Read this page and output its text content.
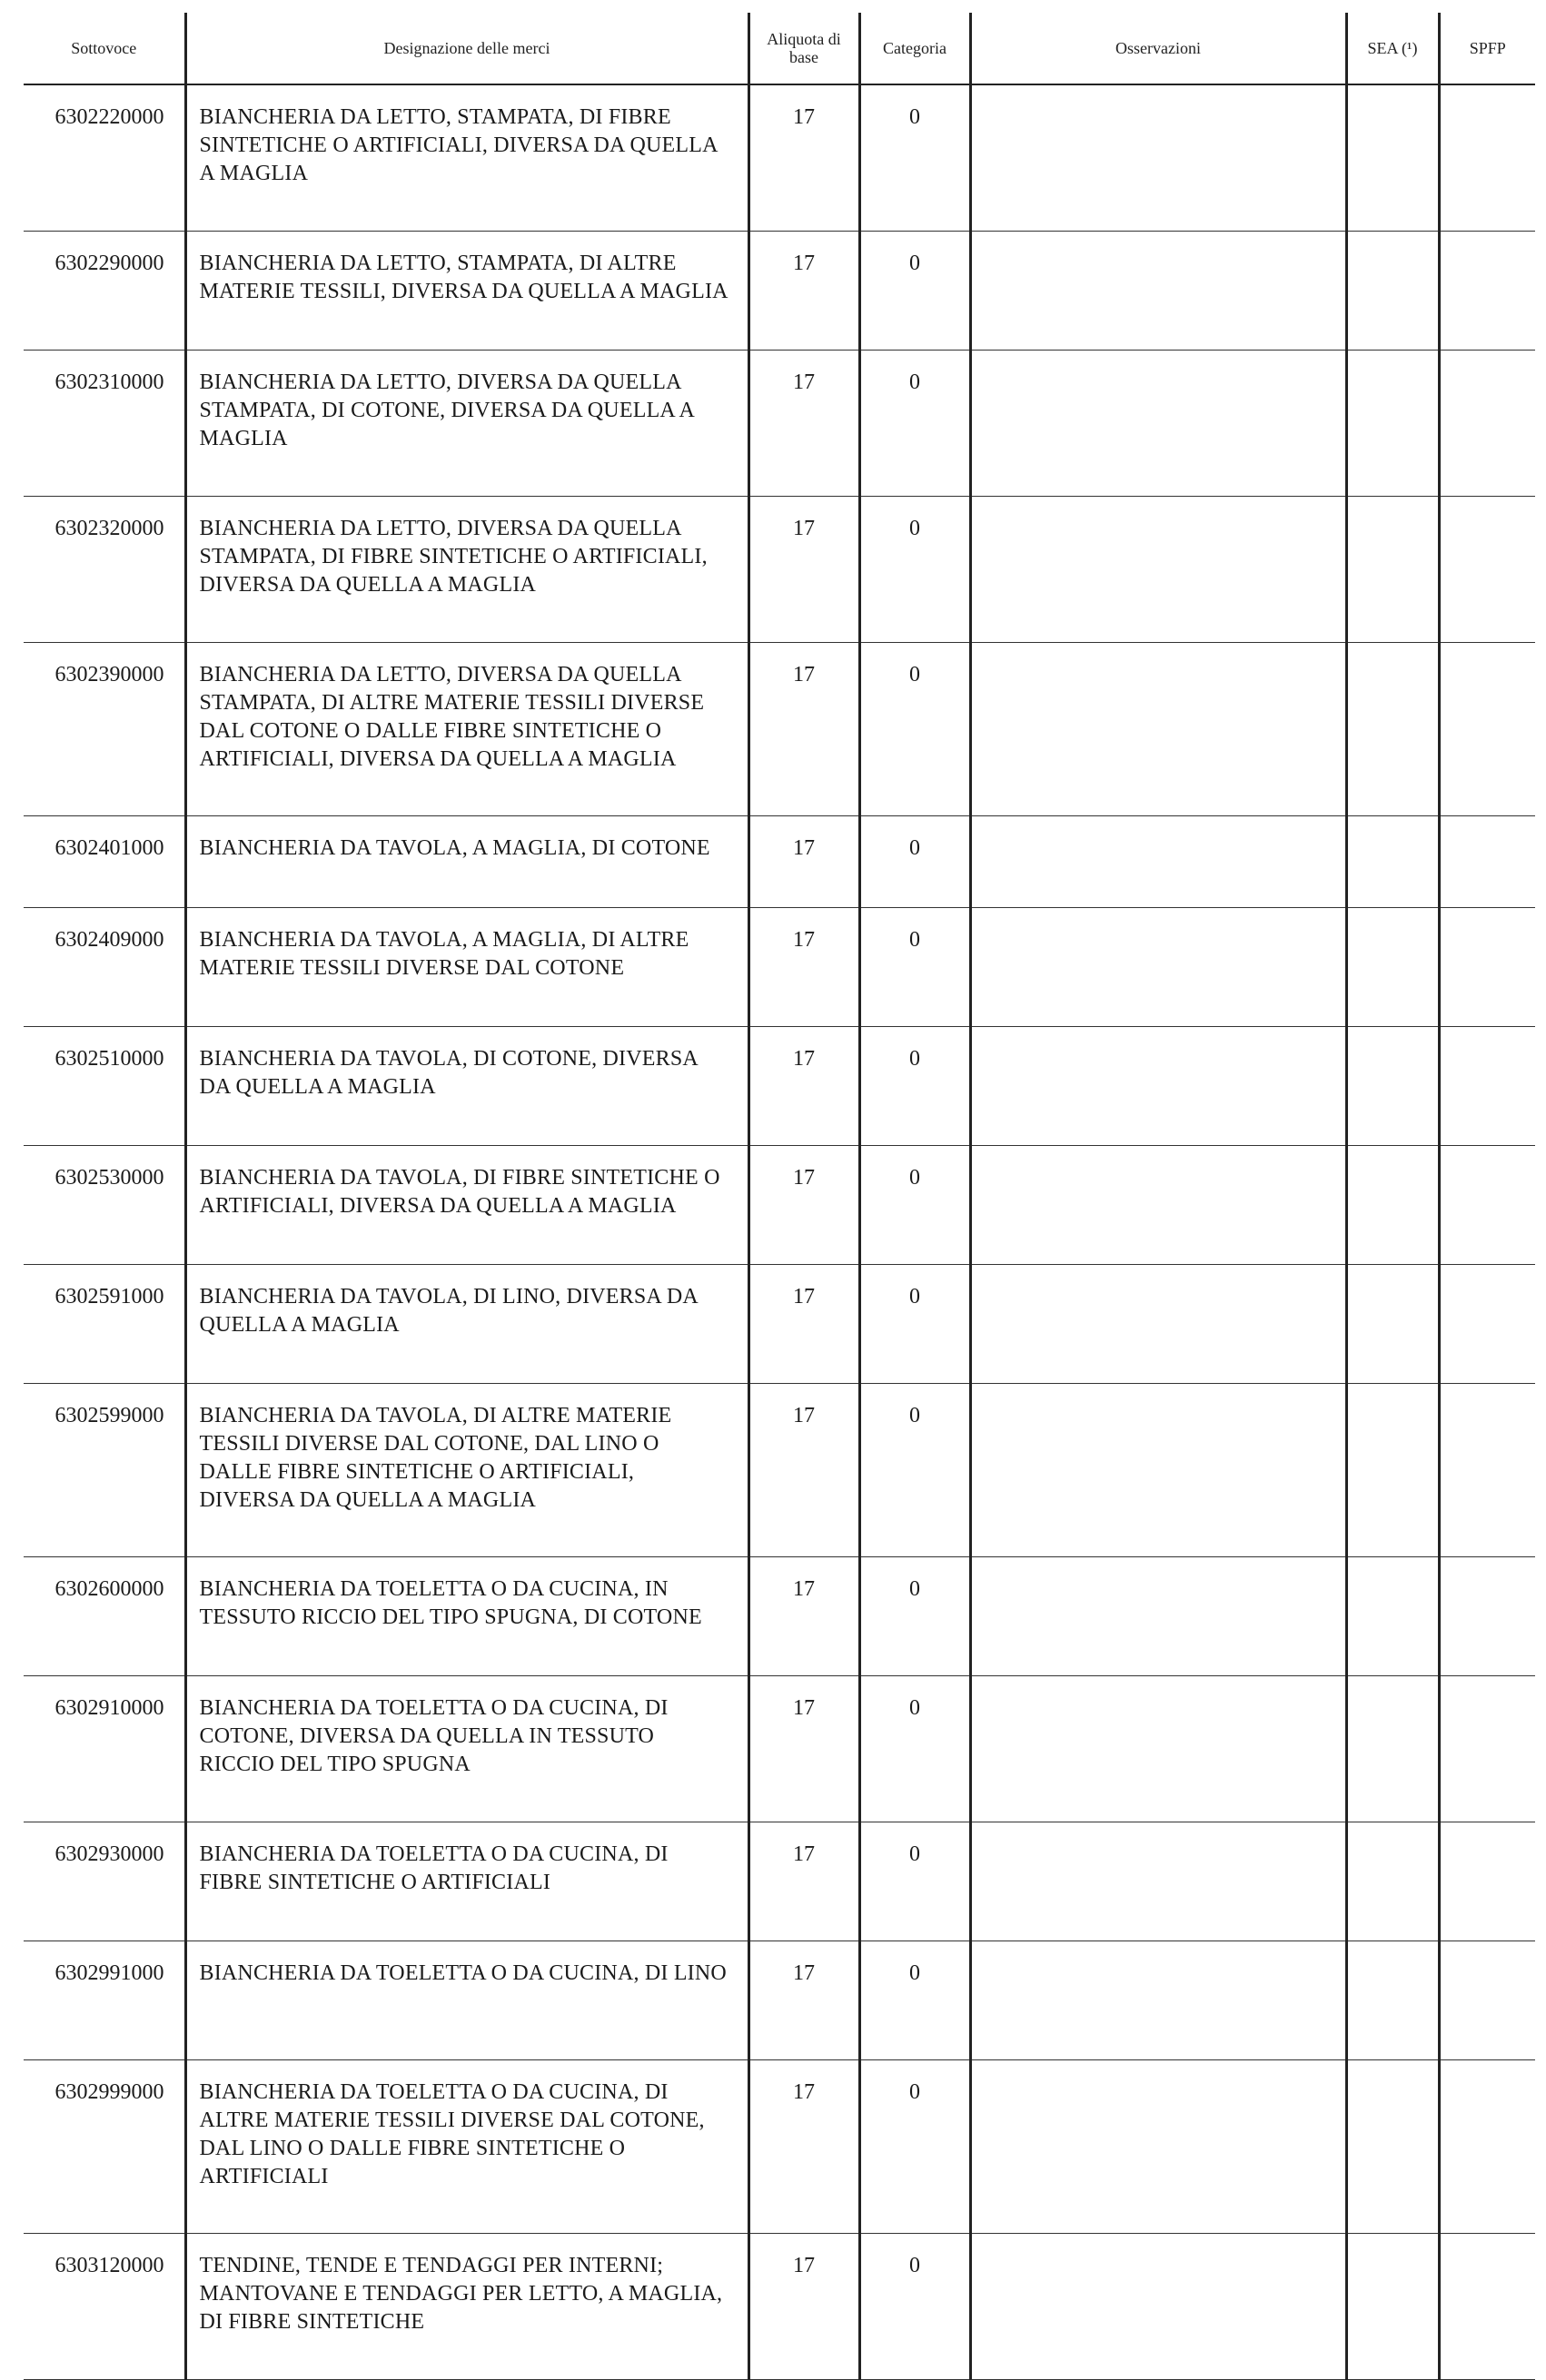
Sottovoce	Designazione delle merci	Aliquota di base	Categoria	Osservazioni	SEA (¹)	SPFP
6302220000	BIANCHERIA DA LETTO, STAMPATA, DI FIBRE SINTETICHE O ARTIFICIALI, DIVERSA DA QUELLA A MAGLIA	17	0			
6302290000	BIANCHERIA DA LETTO, STAMPATA, DI ALTRE MATERIE TESSILI, DIVERSA DA QUELLA A MAGLIA	17	0			
6302310000	BIANCHERIA DA LETTO, DIVERSA DA QUELLA STAMPATA, DI COTONE, DIVERSA DA QUELLA A MAGLIA	17	0			
6302320000	BIANCHERIA DA LETTO, DIVERSA DA QUELLA STAMPATA, DI FIBRE SINTETICHE O ARTIFICIALI, DIVERSA DA QUELLA A MAGLIA	17	0			
6302390000	BIANCHERIA DA LETTO, DIVERSA DA QUELLA STAMPATA, DI ALTRE MATERIE TESSILI DIVERSE DAL COTONE O DALLE FIBRE SINTETICHE O ARTIFICIALI, DIVERSA DA QUELLA A MAGLIA	17	0			
6302401000	BIANCHERIA DA TAVOLA, A MAGLIA, DI COTONE	17	0			
6302409000	BIANCHERIA DA TAVOLA, A MAGLIA, DI ALTRE MATERIE TESSILI DIVERSE DAL COTONE	17	0			
6302510000	BIANCHERIA DA TAVOLA, DI COTONE, DIVERSA DA QUELLA A MAGLIA	17	0			
6302530000	BIANCHERIA DA TAVOLA, DI FIBRE SINTETICHE O ARTIFICIALI, DIVERSA DA QUELLA A MAGLIA	17	0			
6302591000	BIANCHERIA DA TAVOLA, DI LINO, DIVERSA DA QUELLA A MAGLIA	17	0			
6302599000	BIANCHERIA DA TAVOLA, DI ALTRE MATERIE TESSILI DIVERSE DAL COTONE, DAL LINO O DALLE FIBRE SINTETICHE O ARTIFICIALI, DIVERSA DA QUELLA A MAGLIA	17	0			
6302600000	BIANCHERIA DA TOELETTA O DA CUCINA, IN TESSUTO RICCIO DEL TIPO SPUGNA, DI COTONE	17	0			
6302910000	BIANCHERIA DA TOELETTA O DA CUCINA, DI COTONE, DIVERSA DA QUELLA IN TESSUTO RICCIO DEL TIPO SPUGNA	17	0			
6302930000	BIANCHERIA DA TOELETTA O DA CUCINA, DI FIBRE SINTETICHE O ARTIFICIALI	17	0			
6302991000	BIANCHERIA DA TOELETTA O DA CUCINA, DI LINO	17	0			
6302999000	BIANCHERIA DA TOELETTA O DA CUCINA, DI ALTRE MATERIE TESSILI DIVERSE DAL COTONE, DAL LINO O DALLE FIBRE SINTETICHE O ARTIFICIALI	17	0			
6303120000	TENDINE, TENDE E TENDAGGI PER INTERNI; MANTOVANE E TENDAGGI PER LETTO, A MAGLIA, DI FIBRE SINTETICHE	17	0			
